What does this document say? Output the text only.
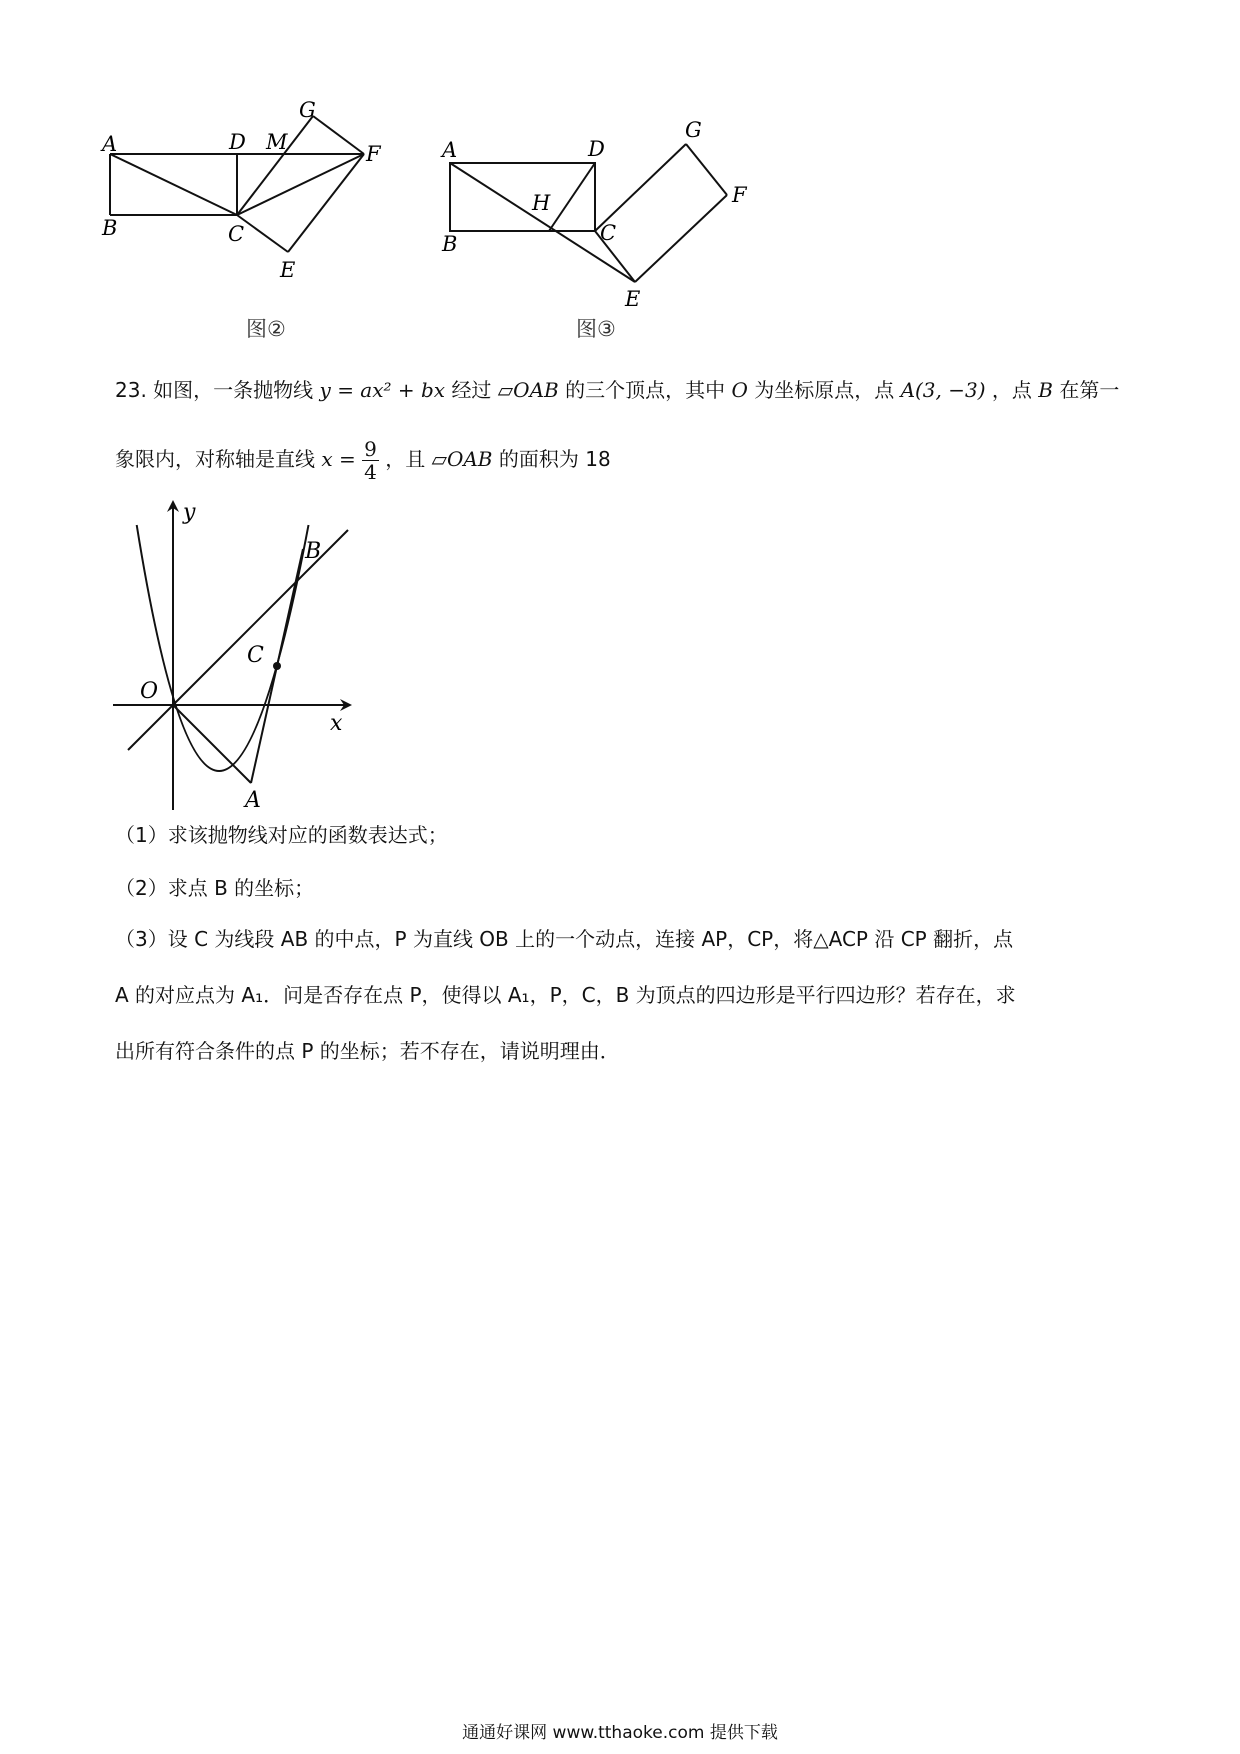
A
B	C
D
E
F
G
M
图②
A
B	C
D
E
F
G
H
图③
23. 如图，一条抛物线 y = ax² + bx 经过 ▱OAB 的三个顶点，其中 O 为坐标原点，点 A(3, −3) ，点 B 在第一
象限内，对称轴是直线 $x = \frac{9}{4}$ ，且 ▱OAB 的面积为 18
y
x
O
A
B
C
（1）求该抛物线对应的函数表达式；
（2）求点 B 的坐标；
（3）设 C 为线段 AB 的中点，P 为直线 OB 上的一个动点，连接 AP，CP，将△ACP 沿 CP 翻折，点
A 的对应点为 A₁．问是否存在点 P，使得以 A₁，P，C，B 为顶点的四边形是平行四边形？若存在，求
出所有符合条件的点 P 的坐标；若不存在，请说明理由．
通通好课网 www.tthaoke.com 提供下载
